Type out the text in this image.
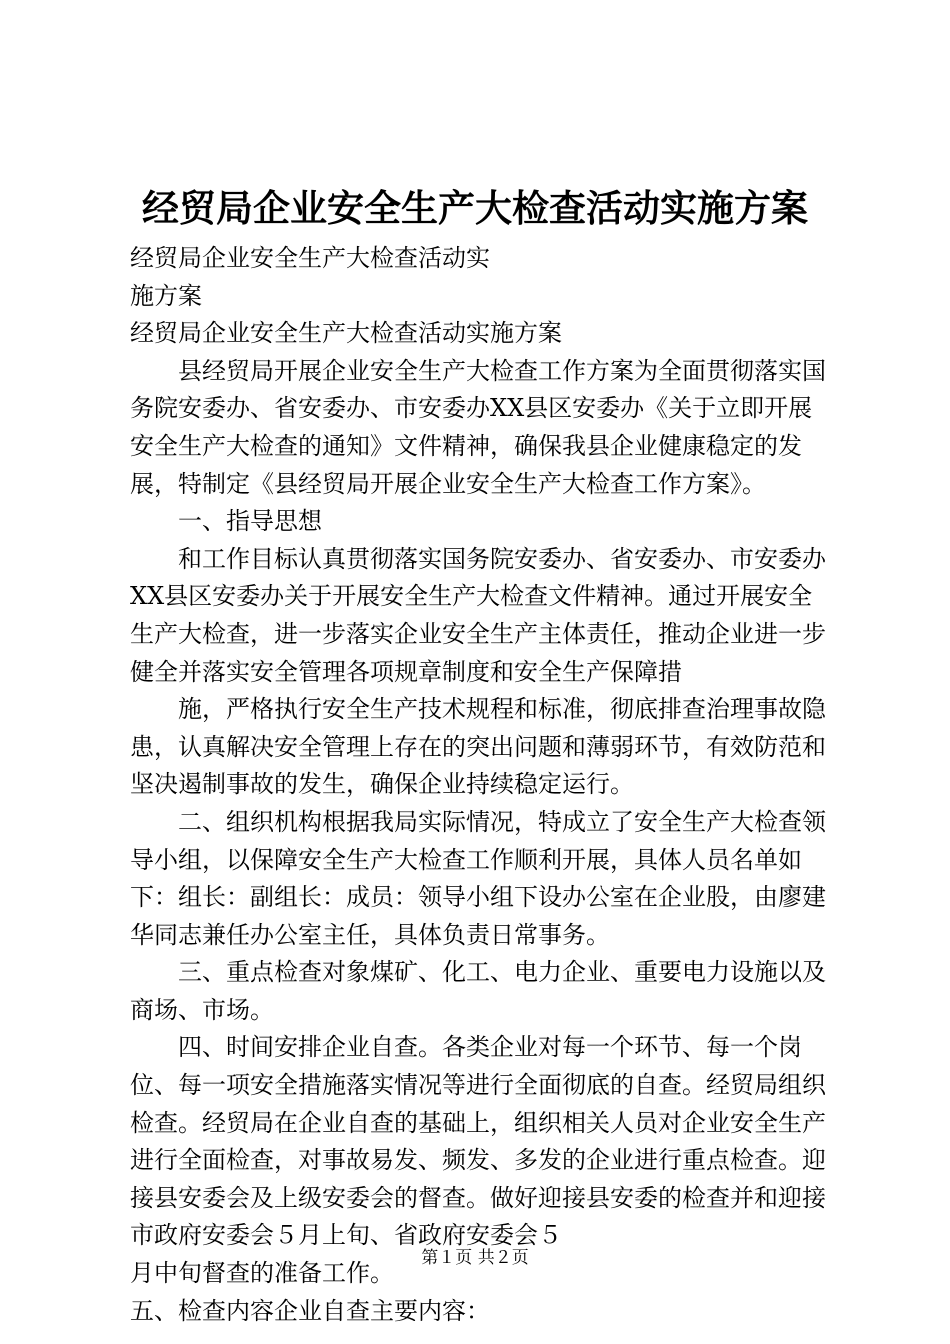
经贸局企业安全生产大检查活动实施方案

经贸局企业安全生产大检查活动实

施方案

经贸局企业安全生产大检查活动实施方案

县经贸局开展企业安全生产大检查工作方案为全面贯彻落实国务院安委办、省安委办、市安委办XX县区安委办《关于立即开展安全生产大检查的通知》文件精神，确保我县企业健康稳定的发展，特制定《县经贸局开展企业安全生产大检查工作方案》。

一、指导思想

和工作目标认真贯彻落实国务院安委办、省安委办、市安委办XX县区安委办关于开展安全生产大检查文件精神。通过开展安全生产大检查，进一步落实企业安全生产主体责任，推动企业进一步健全并落实安全管理各项规章制度和安全生产保障措

施，严格执行安全生产技术规程和标准，彻底排查治理事故隐患，认真解决安全管理上存在的突出问题和薄弱环节，有效防范和坚决遏制事故的发生，确保企业持续稳定运行。

二、组织机构根据我局实际情况，特成立了安全生产大检查领导小组，以保障安全生产大检查工作顺利开展，具体人员名单如下：组长：副组长：成员：领导小组下设办公室在企业股，由廖建华同志兼任办公室主任，具体负责日常事务。

三、重点检查对象煤矿、化工、电力企业、重要电力设施以及商场、市场。

四、时间安排企业自查。各类企业对每一个环节、每一个岗位、每一项安全措施落实情况等进行全面彻底的自查。经贸局组织检查。经贸局在企业自查的基础上，组织相关人员对企业安全生产进行全面检查，对事故易发、频发、多发的企业进行重点检查。迎接县安委会及上级安委会的督查。做好迎接县安委的检查并和迎接市政府安委会５月上旬、省政府安委会５

月中旬督查的准备工作。

五、检查内容企业自查主要内容：

第１页 共２页
